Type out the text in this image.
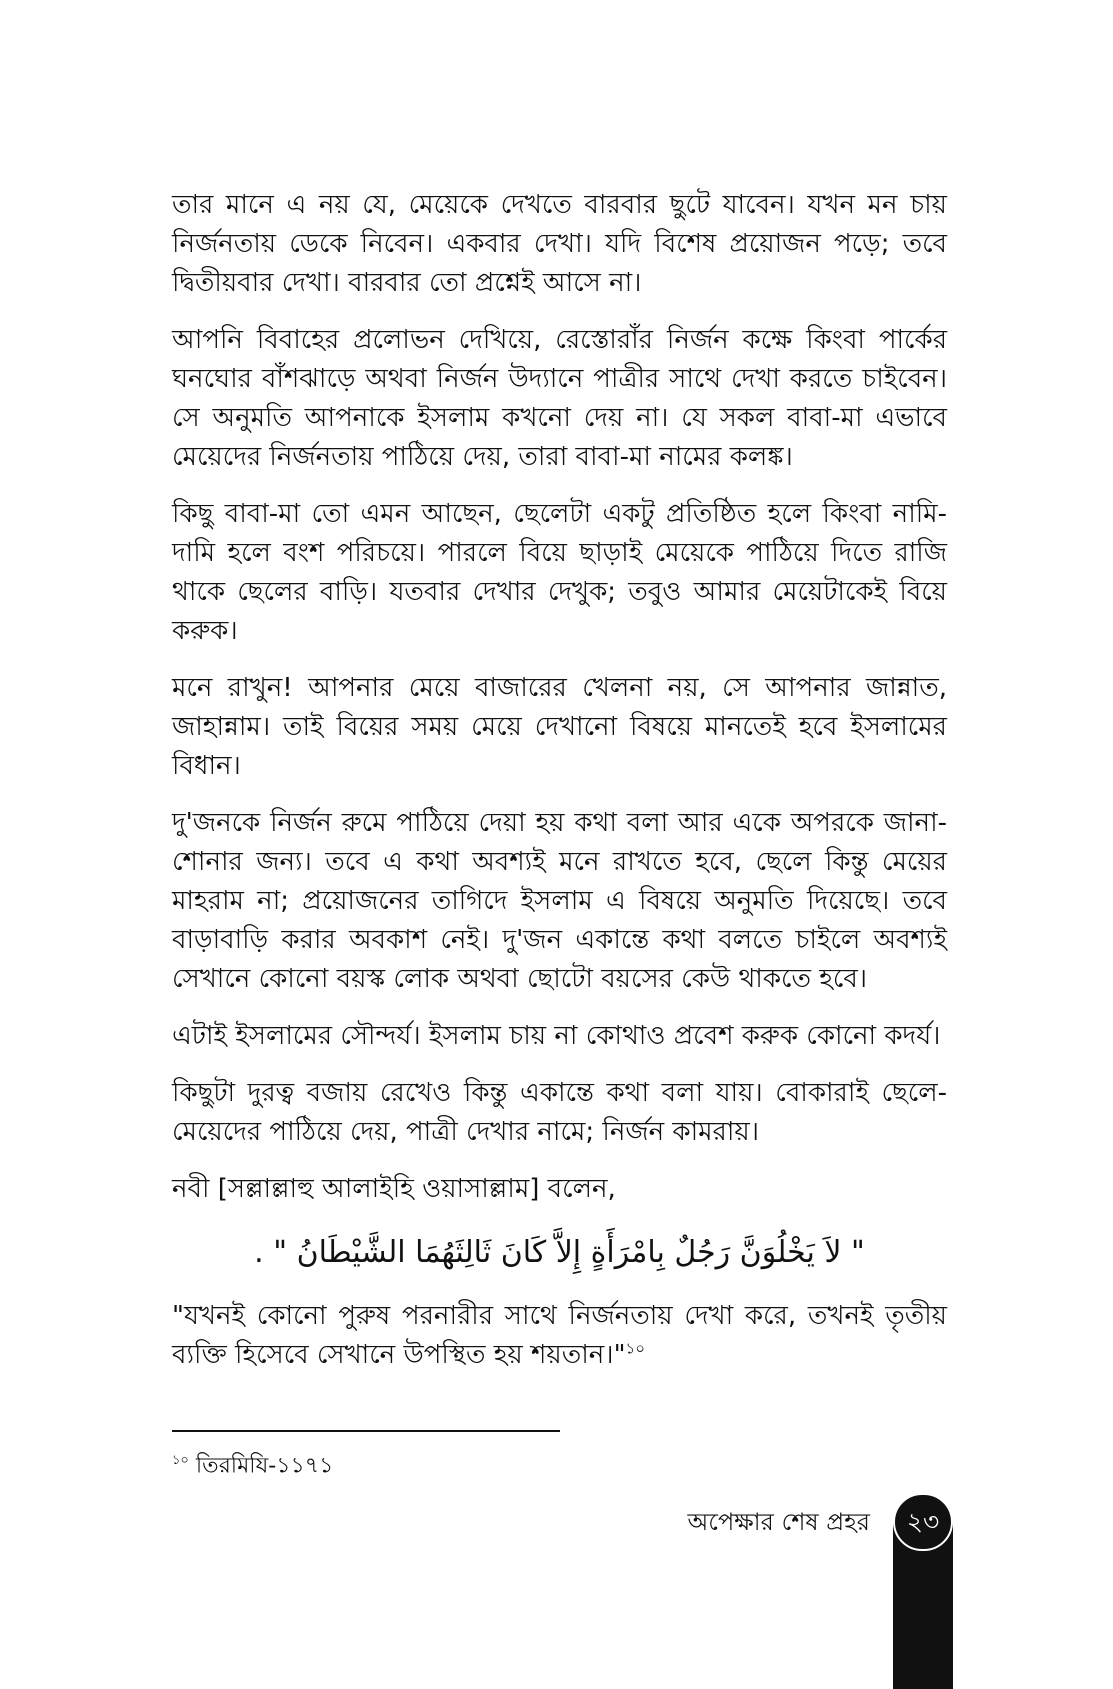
তার মানে এ নয় যে, মেয়েকে দেখতে বারবার ছুটে যাবেন। যখন মন চায় নির্জনতায় ডেকে নিবেন। একবার দেখা। যদি বিশেষ প্রয়োজন পড়ে; তবে দ্বিতীয়বার দেখা। বারবার তো প্রশ্নেই আসে না।

আপনি বিবাহের প্রলোভন দেখিয়ে, রেস্তোরাঁর নির্জন কক্ষে কিংবা পার্কের ঘনঘোর বাঁশঝাড়ে অথবা নির্জন উদ্যানে পাত্রীর সাথে দেখা করতে চাইবেন। সে অনুমতি আপনাকে ইসলাম কখনো দেয় না। যে সকল বাবা-মা এভাবে মেয়েদের নির্জনতায় পাঠিয়ে দেয়, তারা বাবা-মা নামের কলঙ্ক।

কিছু বাবা-মা তো এমন আছেন, ছেলেটা একটু প্রতিষ্ঠিত হলে কিংবা নামি-দামি হলে বংশ পরিচয়ে। পারলে বিয়ে ছাড়াই মেয়েকে পাঠিয়ে দিতে রাজি থাকে ছেলের বাড়ি। যতবার দেখার দেখুক; তবুও আমার মেয়েটাকেই বিয়ে করুক।

মনে রাখুন! আপনার মেয়ে বাজারের খেলনা নয়, সে আপনার জান্নাত, জাহান্নাম। তাই বিয়ের সময় মেয়ে দেখানো বিষয়ে মানতেই হবে ইসলামের বিধান।

দু'জনকে নির্জন রুমে পাঠিয়ে দেয়া হয় কথা বলা আর একে অপরকে জানা-শোনার জন্য। তবে এ কথা অবশ্যই মনে রাখতে হবে, ছেলে কিন্তু মেয়ের মাহরাম না; প্রয়োজনের তাগিদে ইসলাম এ বিষয়ে অনুমতি দিয়েছে। তবে বাড়াবাড়ি করার অবকাশ নেই। দু'জন একান্তে কথা বলতে চাইলে অবশ্যই সেখানে কোনো বয়স্ক লোক অথবা ছোটো বয়সের কেউ থাকতে হবে।

এটাই ইসলামের সৌন্দর্য। ইসলাম চায় না কোথাও প্রবেশ করুক কোনো কদর্য।

কিছুটা দুরত্ব বজায় রেখেও কিন্তু একান্তে কথা বলা যায়। বোকারাই ছেলে-মেয়েদের পাঠিয়ে দেয়, পাত্রী দেখার নামে; নির্জন কামরায়।

নবী [সল্লাল্লাহু আলাইহি ওয়াসাল্লাম] বলেন,

" لاَ يَخْلُوَنَّ رَجُلٌ بِامْرَأَةٍ إِلاَّ كَانَ ثَالِثَهُمَا الشَّيْطَانُ " .

"যখনই কোনো পুরুষ পরনারীর সাথে নির্জনতায় দেখা করে, তখনই তৃতীয় ব্যক্তি হিসেবে সেখানে উপস্থিত হয় শয়তান।"$^{১০}$

$^{১০}$ তিরমিযি-১১৭১
অপেক্ষার শেষ প্রহর	২৩
